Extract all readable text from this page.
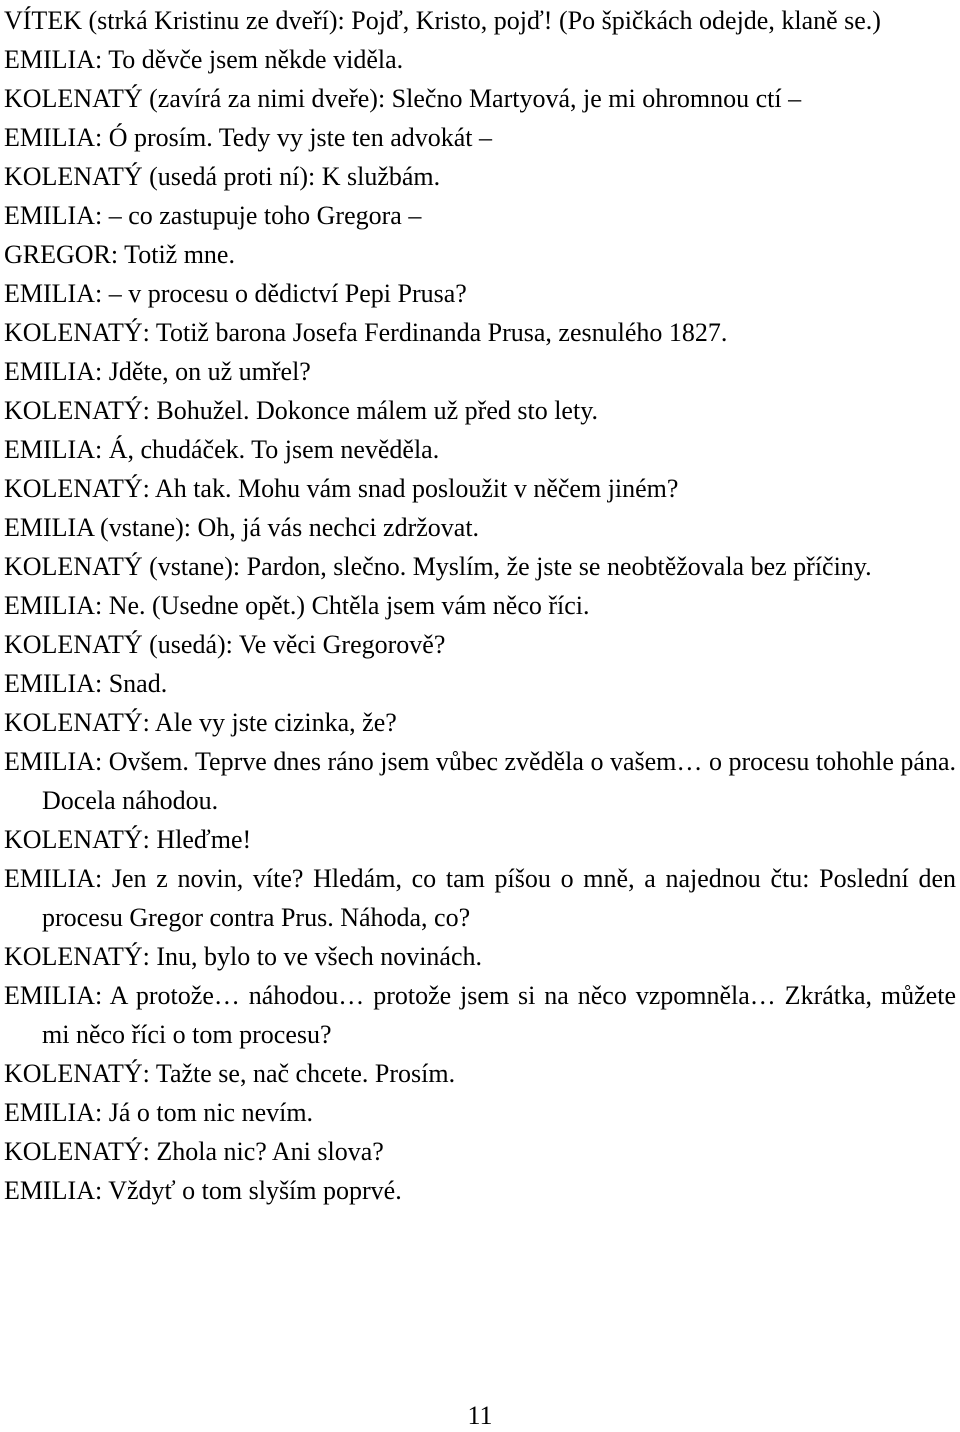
VÍTEK (strká Kristinu ze dveří): Pojď, Kristo, pojď! (Po špičkách odejde, klaně se.)
EMILIA: To děvče jsem někde viděla.
KOLENATÝ (zavírá za nimi dveře): Slečno Martyová, je mi ohromnou ctí –
EMILIA: Ó prosím. Tedy vy jste ten advokát –
KOLENATÝ (usedá proti ní): K službám.
EMILIA: – co zastupuje toho Gregora –
GREGOR: Totiž mne.
EMILIA: – v procesu o dědictví Pepi Prusa?
KOLENATÝ: Totiž barona Josefa Ferdinanda Prusa, zesnulého 1827.
EMILIA: Jděte, on už umřel?
KOLENATÝ: Bohužel. Dokonce málem už před sto lety.
EMILIA: Á, chudáček. To jsem nevěděla.
KOLENATÝ: Ah tak. Mohu vám snad posloužit v něčem jiném?
EMILIA (vstane): Oh, já vás nechci zdržovat.
KOLENATÝ (vstane): Pardon, slečno. Myslím, že jste se neobtěžovala bez příčiny.
EMILIA: Ne. (Usedne opět.) Chtěla jsem vám něco říci.
KOLENATÝ (usedá): Ve věci Gregorově?
EMILIA: Snad.
KOLENATÝ: Ale vy jste cizinka, že?
EMILIA: Ovšem. Teprve dnes ráno jsem vůbec zvěděla o vašem… o procesu tohohle pána. Docela náhodou.
KOLENATÝ: Hleďme!
EMILIA: Jen z novin, víte? Hledám, co tam píšou o mně, a najednou čtu: Poslední den procesu Gregor contra Prus. Náhoda, co?
KOLENATÝ: Inu, bylo to ve všech novinách.
EMILIA: A protože… náhodou… protože jsem si na něco vzpomněla… Zkrátka, můžete mi něco říci o tom procesu?
KOLENATÝ: Tažte se, nač chcete. Prosím.
EMILIA: Já o tom nic nevím.
KOLENATÝ: Zhola nic? Ani slova?
EMILIA: Vždyť o tom slyším poprvé.
11
